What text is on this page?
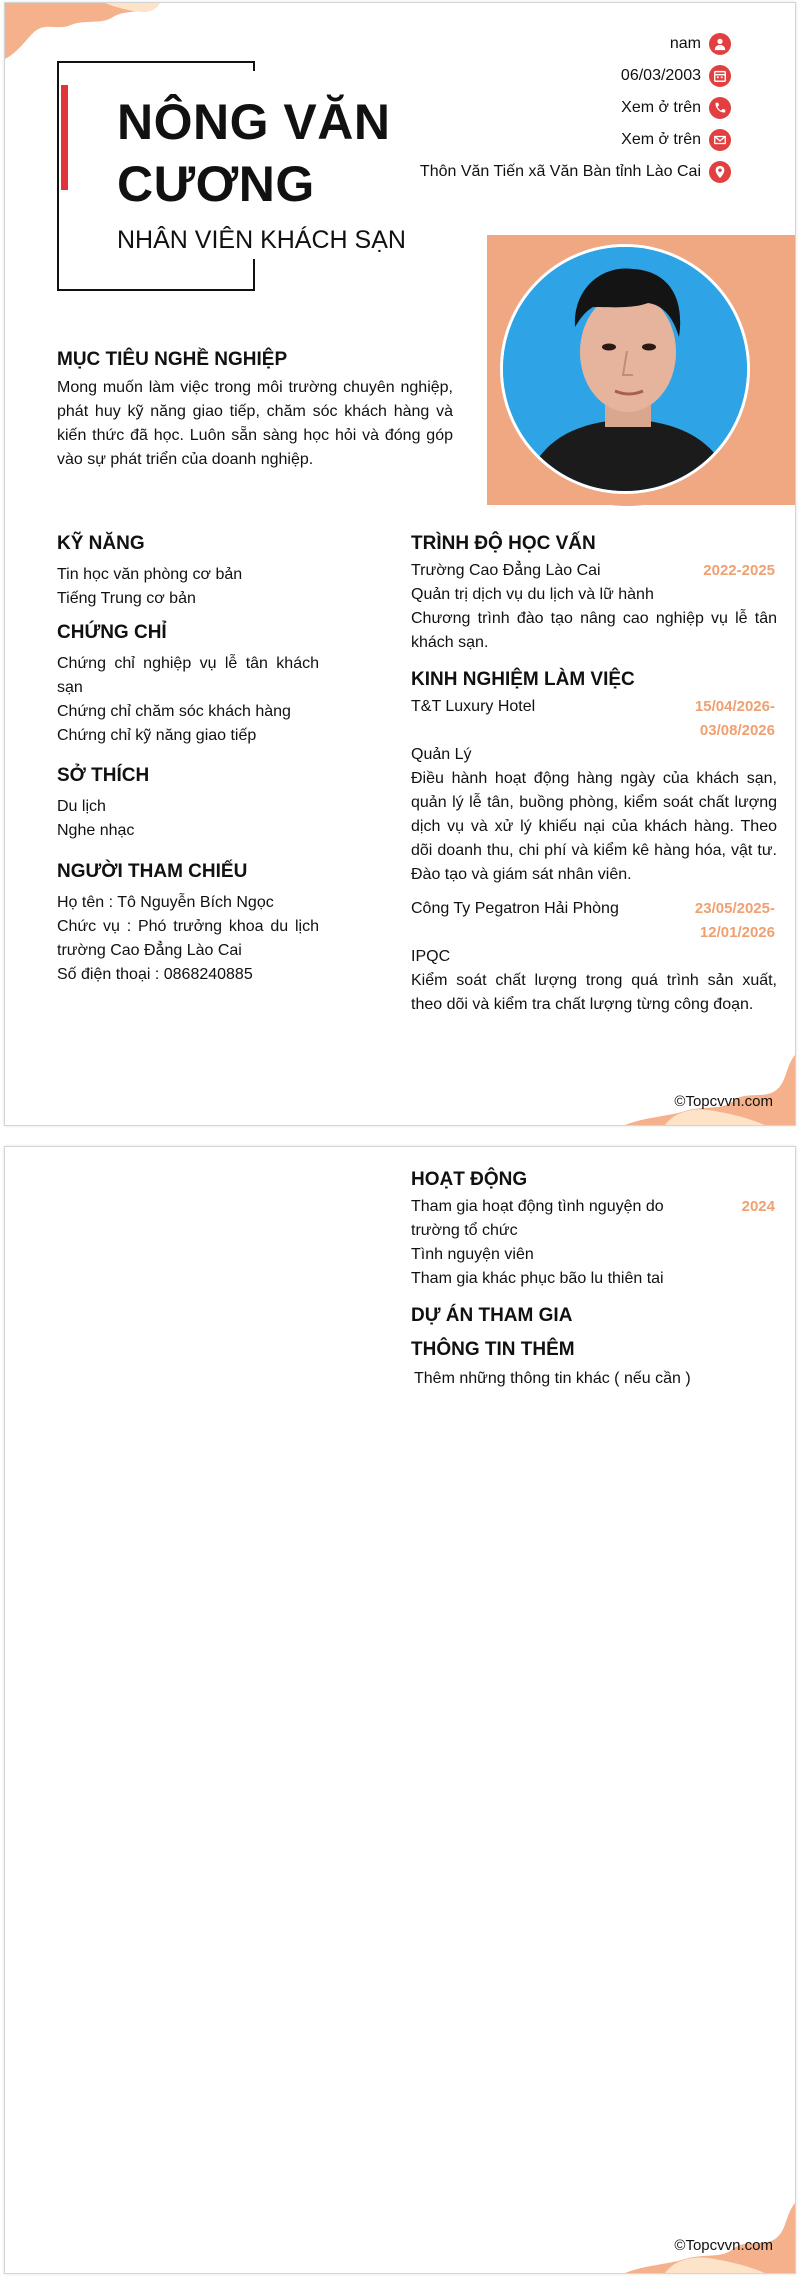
NÔNG VĂN CƯƠNG
NHÂN VIÊN KHÁCH SẠN
nam
06/03/2003
Xem ở trên
Xem ở trên
Thôn Văn Tiến xã Văn Bàn tỉnh Lào Cai
MỤC TIÊU NGHỀ NGHIỆP
Mong muốn làm việc trong môi trường chuyên nghiệp, phát huy kỹ năng giao tiếp, chăm sóc khách hàng và kiến thức đã học. Luôn sẵn sàng học hỏi và đóng góp vào sự phát triển của doanh nghiệp.
KỸ NĂNG
Tin học văn phòng cơ bản
Tiếng Trung cơ bản
CHỨNG CHỈ
Chứng chỉ nghiệp vụ lễ tân khách sạn
Chứng chỉ chăm sóc khách hàng
Chứng chỉ kỹ năng giao tiếp
SỞ THÍCH
Du lịch
Nghe nhạc
NGƯỜI THAM CHIẾU
Họ tên : Tô Nguyễn Bích Ngọc
Chức vụ : Phó trưởng khoa du lịch trường Cao Đẳng Lào Cai
Số điện thoại : 0868240885
TRÌNH ĐỘ HỌC VẤN
Trường Cao Đẳng Lào Cai	2022-2025
Quản trị dịch vụ du lịch và lữ hành
Chương trình đào tạo nâng cao nghiệp vụ lễ tân khách sạn.
KINH NGHIỆM LÀM VIỆC
T&T Luxury Hotel	15/04/2026-03/08/2026
Quản Lý
Điều hành hoạt động hàng ngày của khách sạn, quản lý lễ tân, buồng phòng, kiểm soát chất lượng dịch vụ và xử lý khiếu nại của khách hàng. Theo dõi doanh thu, chi phí và kiểm kê hàng hóa, vật tư. Đào tạo và giám sát nhân viên.
Công Ty Pegatron Hải Phòng	23/05/2025-12/01/2026
IPQC
Kiểm soát chất lượng trong quá trình sản xuất, theo dõi và kiểm tra chất lượng từng công đoạn.
©Topcvvn.com
HOẠT ĐỘNG
Tham gia hoạt động tình nguyện do trường tổ chức
2024
Tình nguyện viên
Tham gia khác phục bão lu thiên tai
DỰ ÁN THAM GIA
THÔNG TIN THÊM
Thêm những thông tin khác ( nếu cần )
©Topcvvn.com
